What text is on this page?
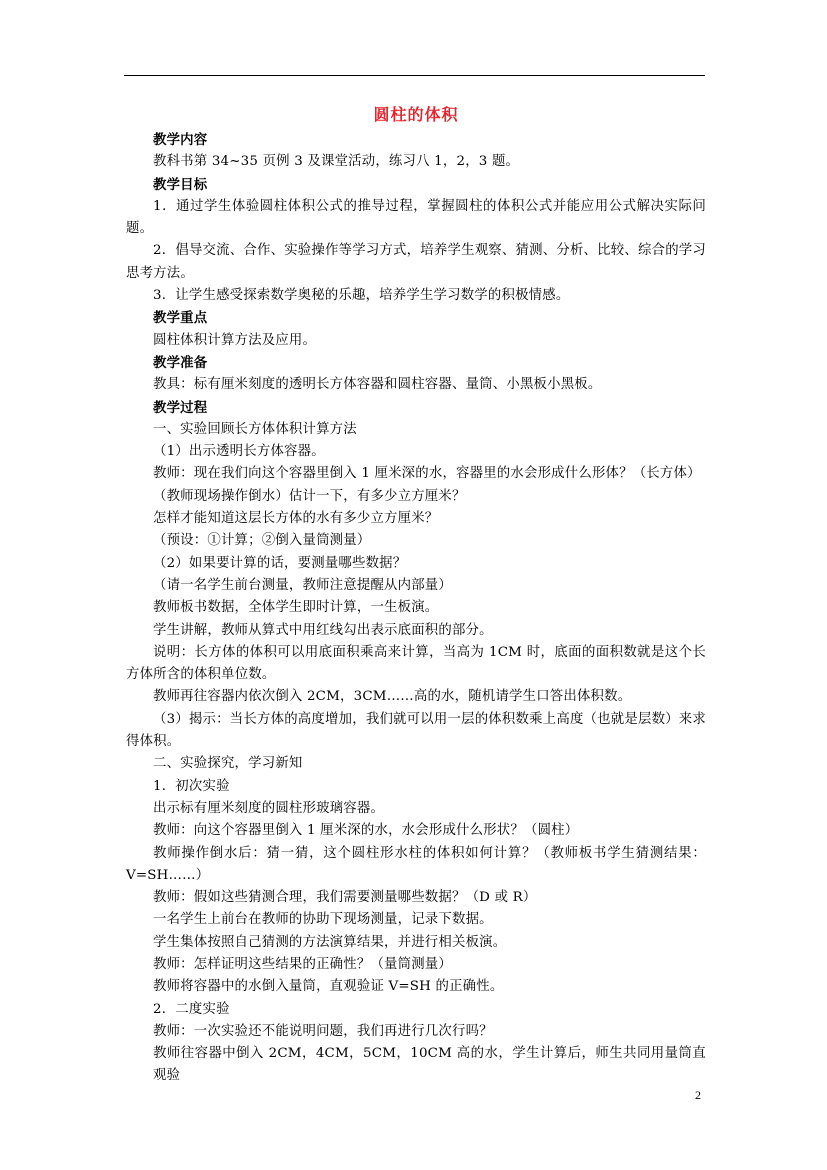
圆柱的体积

教学内容

教科书第 34~35 页例 3 及课堂活动，练习八 1，2，3 题。

教学目标

1．通过学生体验圆柱体积公式的推导过程，掌握圆柱的体积公式并能应用公式解决实际问题。

2．倡导交流、合作、实验操作等学习方式，培养学生观察、猜测、分析、比较、综合的学习思考方法。

3．让学生感受探索数学奥秘的乐趣，培养学生学习数学的积极情感。

教学重点

圆柱体积计算方法及应用。

教学准备

教具：标有厘米刻度的透明长方体容器和圆柱容器、量筒、小黑板小黑板。

教学过程

一、实验回顾长方体体积计算方法

（1）出示透明长方体容器。

教师：现在我们向这个容器里倒入 1 厘米深的水，容器里的水会形成什么形体？（长方体）

（教师现场操作倒水）估计一下，有多少立方厘米？

怎样才能知道这层长方体的水有多少立方厘米？

（预设：①计算；②倒入量筒测量）

（2）如果要计算的话，要测量哪些数据？

（请一名学生前台测量，教师注意提醒从内部量）

教师板书数据，全体学生即时计算，一生板演。

学生讲解，教师从算式中用红线勾出表示底面积的部分。

说明：长方体的体积可以用底面积乘高来计算，当高为 1CM 时，底面的面积数就是这个长方体所含的体积单位数。

教师再往容器内依次倒入 2CM，3CM……高的水，随机请学生口答出体积数。

（3）揭示：当长方体的高度增加，我们就可以用一层的体积数乘上高度（也就是层数）来求得体积。

二、实验探究，学习新知

1．初次实验

出示标有厘米刻度的圆柱形玻璃容器。

教师：向这个容器里倒入 1 厘米深的水，水会形成什么形状？（圆柱）

教师操作倒水后：猜一猜，这个圆柱形水柱的体积如何计算？（教师板书学生猜测结果：V=SH……）

教师：假如这些猜测合理，我们需要测量哪些数据？（D 或 R）

一名学生上前台在教师的协助下现场测量，记录下数据。

学生集体按照自己猜测的方法演算结果，并进行相关板演。

教师：怎样证明这些结果的正确性？（量筒测量）

教师将容器中的水倒入量筒，直观验证 V=SH 的正确性。

2．二度实验

教师：一次实验还不能说明问题，我们再进行几次行吗？

教师往容器中倒入 2CM，4CM，5CM，10CM 高的水，学生计算后，师生共同用量筒直观验

2
